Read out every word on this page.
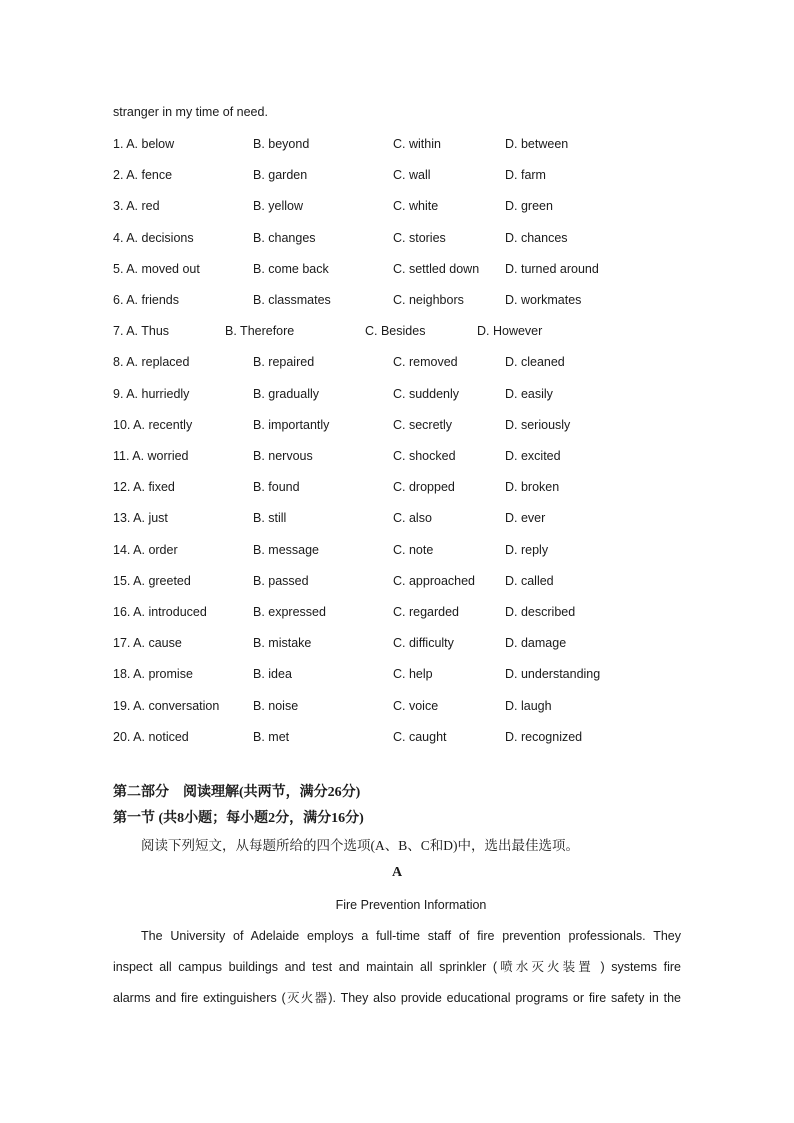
stranger in my time of need.
1. A. below	B. beyond	C. within	D. between
2. A. fence	B. garden	C. wall	D. farm
3. A. red	B. yellow	C. white	D. green
4. A. decisions	B. changes	C. stories	D. chances
5. A. moved out	B. come back	C. settled down D. turned around
6. A. friends	B. classmates	C. neighbors	D. workmates
7. A. Thus	B. Therefore	C. Besides	D. However
8. A. replaced	B. repaired	C. removed	D. cleaned
9. A. hurriedly	B. gradually	C. suddenly	D. easily
10. A. recently	B. importantly	C. secretly	D. seriously
11. A. worried	B. nervous	C. shocked	D. excited
12. A. fixed	B. found	C. dropped	D. broken
13. A. just	B. still	C. also	D. ever
14. A. order	B. message	C. note	D. reply
15. A. greeted	B. passed	C. approached D. called
16. A. introduced	B. expressed	C. regarded	D. described
17. A. cause	B. mistake	C. difficulty	D. damage
18. A. promise	B. idea	C. help	D. understanding
19. A. conversation	B. noise	C. voice	D. laugh
20. A. noticed	B. met	C. caught	D. recognized
第二部分　阅读理解(共两节，满分26分)
第一节 (共8小题；每小题2分，满分16分)
阅读下列短文，从每题所给的四个选项(A、B、C和D)中，选出最佳选项。
A
Fire Prevention Information
The University of Adelaide employs a full-time staff of fire prevention professionals. They
inspect all campus buildings and test and maintain all sprinkler (喷水灭火装置 ) systems fire
alarms and fire extinguishers (灭火器). They also provide educational programs or fire safety in the
